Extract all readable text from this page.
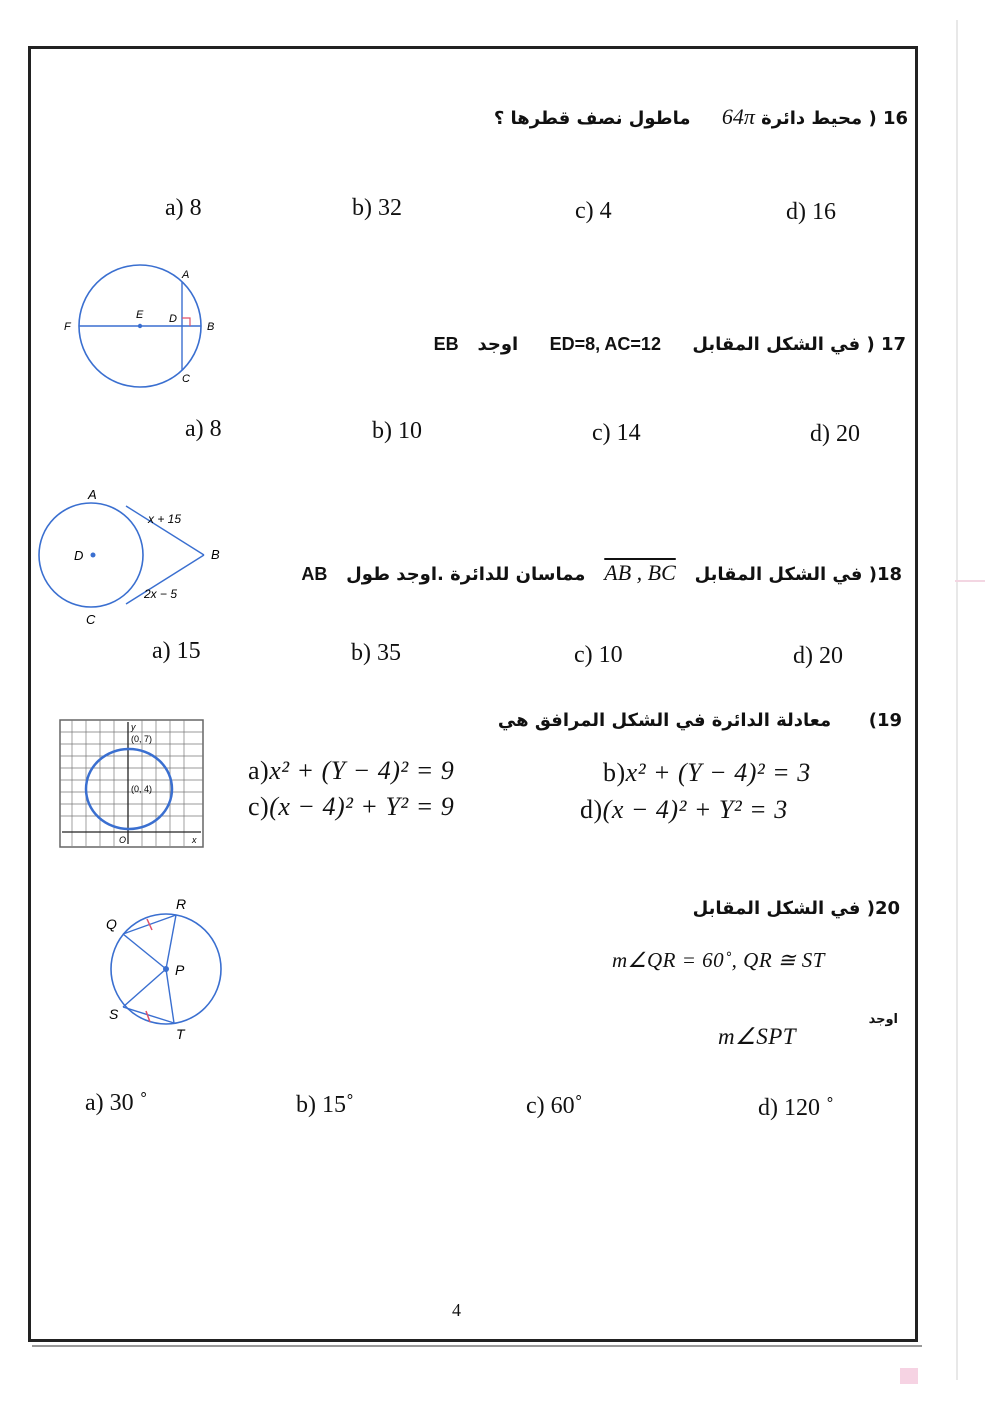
16 ( محيط دائرة 64π     ماطول نصف قطرها ؟
a) 8	b) 32	c) 4	d) 16
A
B
C
D
E
F
17 ( في الشكل المقابل     ED=8, AC=12     اوجد   EB
a) 8	b) 10	c) 14	d) 20
A
B
C
D
x + 15
2x − 5
18( في الشكل المقابل   AB , BC   مماسان للدائرة .اوجد طول   AB
a) 15	b) 35	c) 10	d) 20
y
(0, 7)
(0, 4)
O	x
19)      معادلة الدائرة في الشكل المرافق هي
a)x² + (Y − 4)² = 9	b)x² + (Y − 4)² = 3
c)(x − 4)² + Y² = 9	d)(x − 4)² + Y² = 3
Q
R
P
S
T
20( في الشكل المقابل
m∠QR = 60˚, QR ≅ ST
اوجد
m∠SPT
a) 30 ˚	b) 15˚	c) 60˚	d) 120 ˚
4
